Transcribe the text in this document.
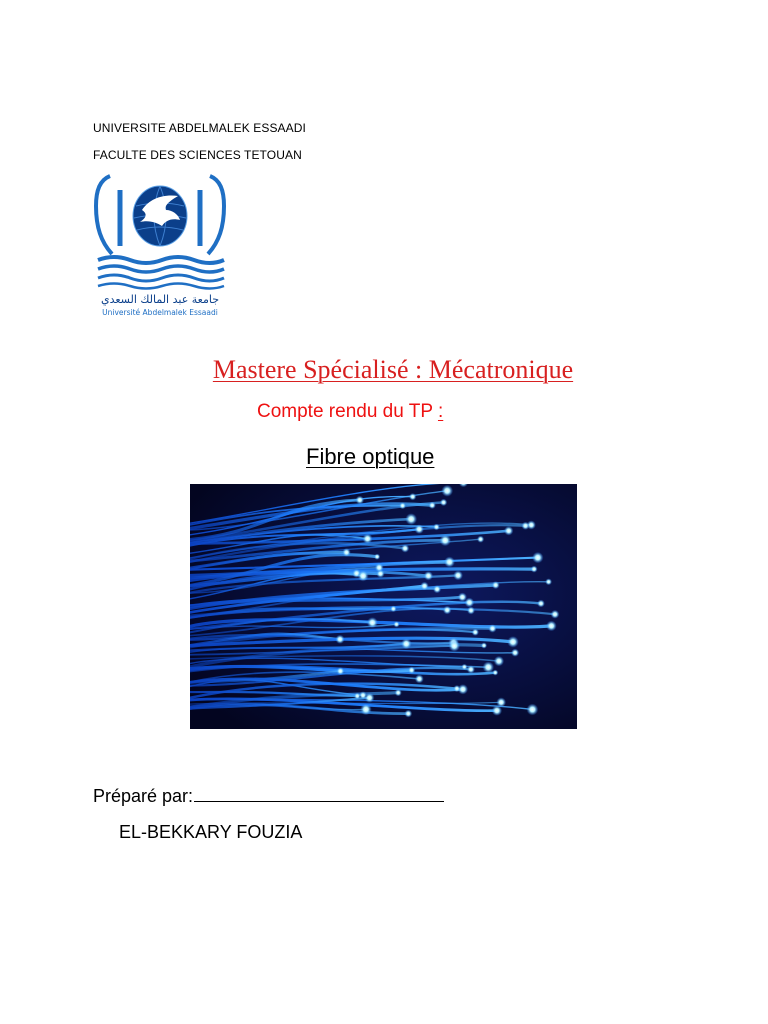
UNIVERSITE ABDELMALEK ESSAADI
FACULTE DES SCIENCES TETOUAN
جامعة عبد المالك السعدي
Université Abdelmalek Essaadi
Mastere Spécialisé : Mécatronique
Compte rendu du TP :
Fibre optique
Préparé par:
EL-BEKKARY FOUZIA
